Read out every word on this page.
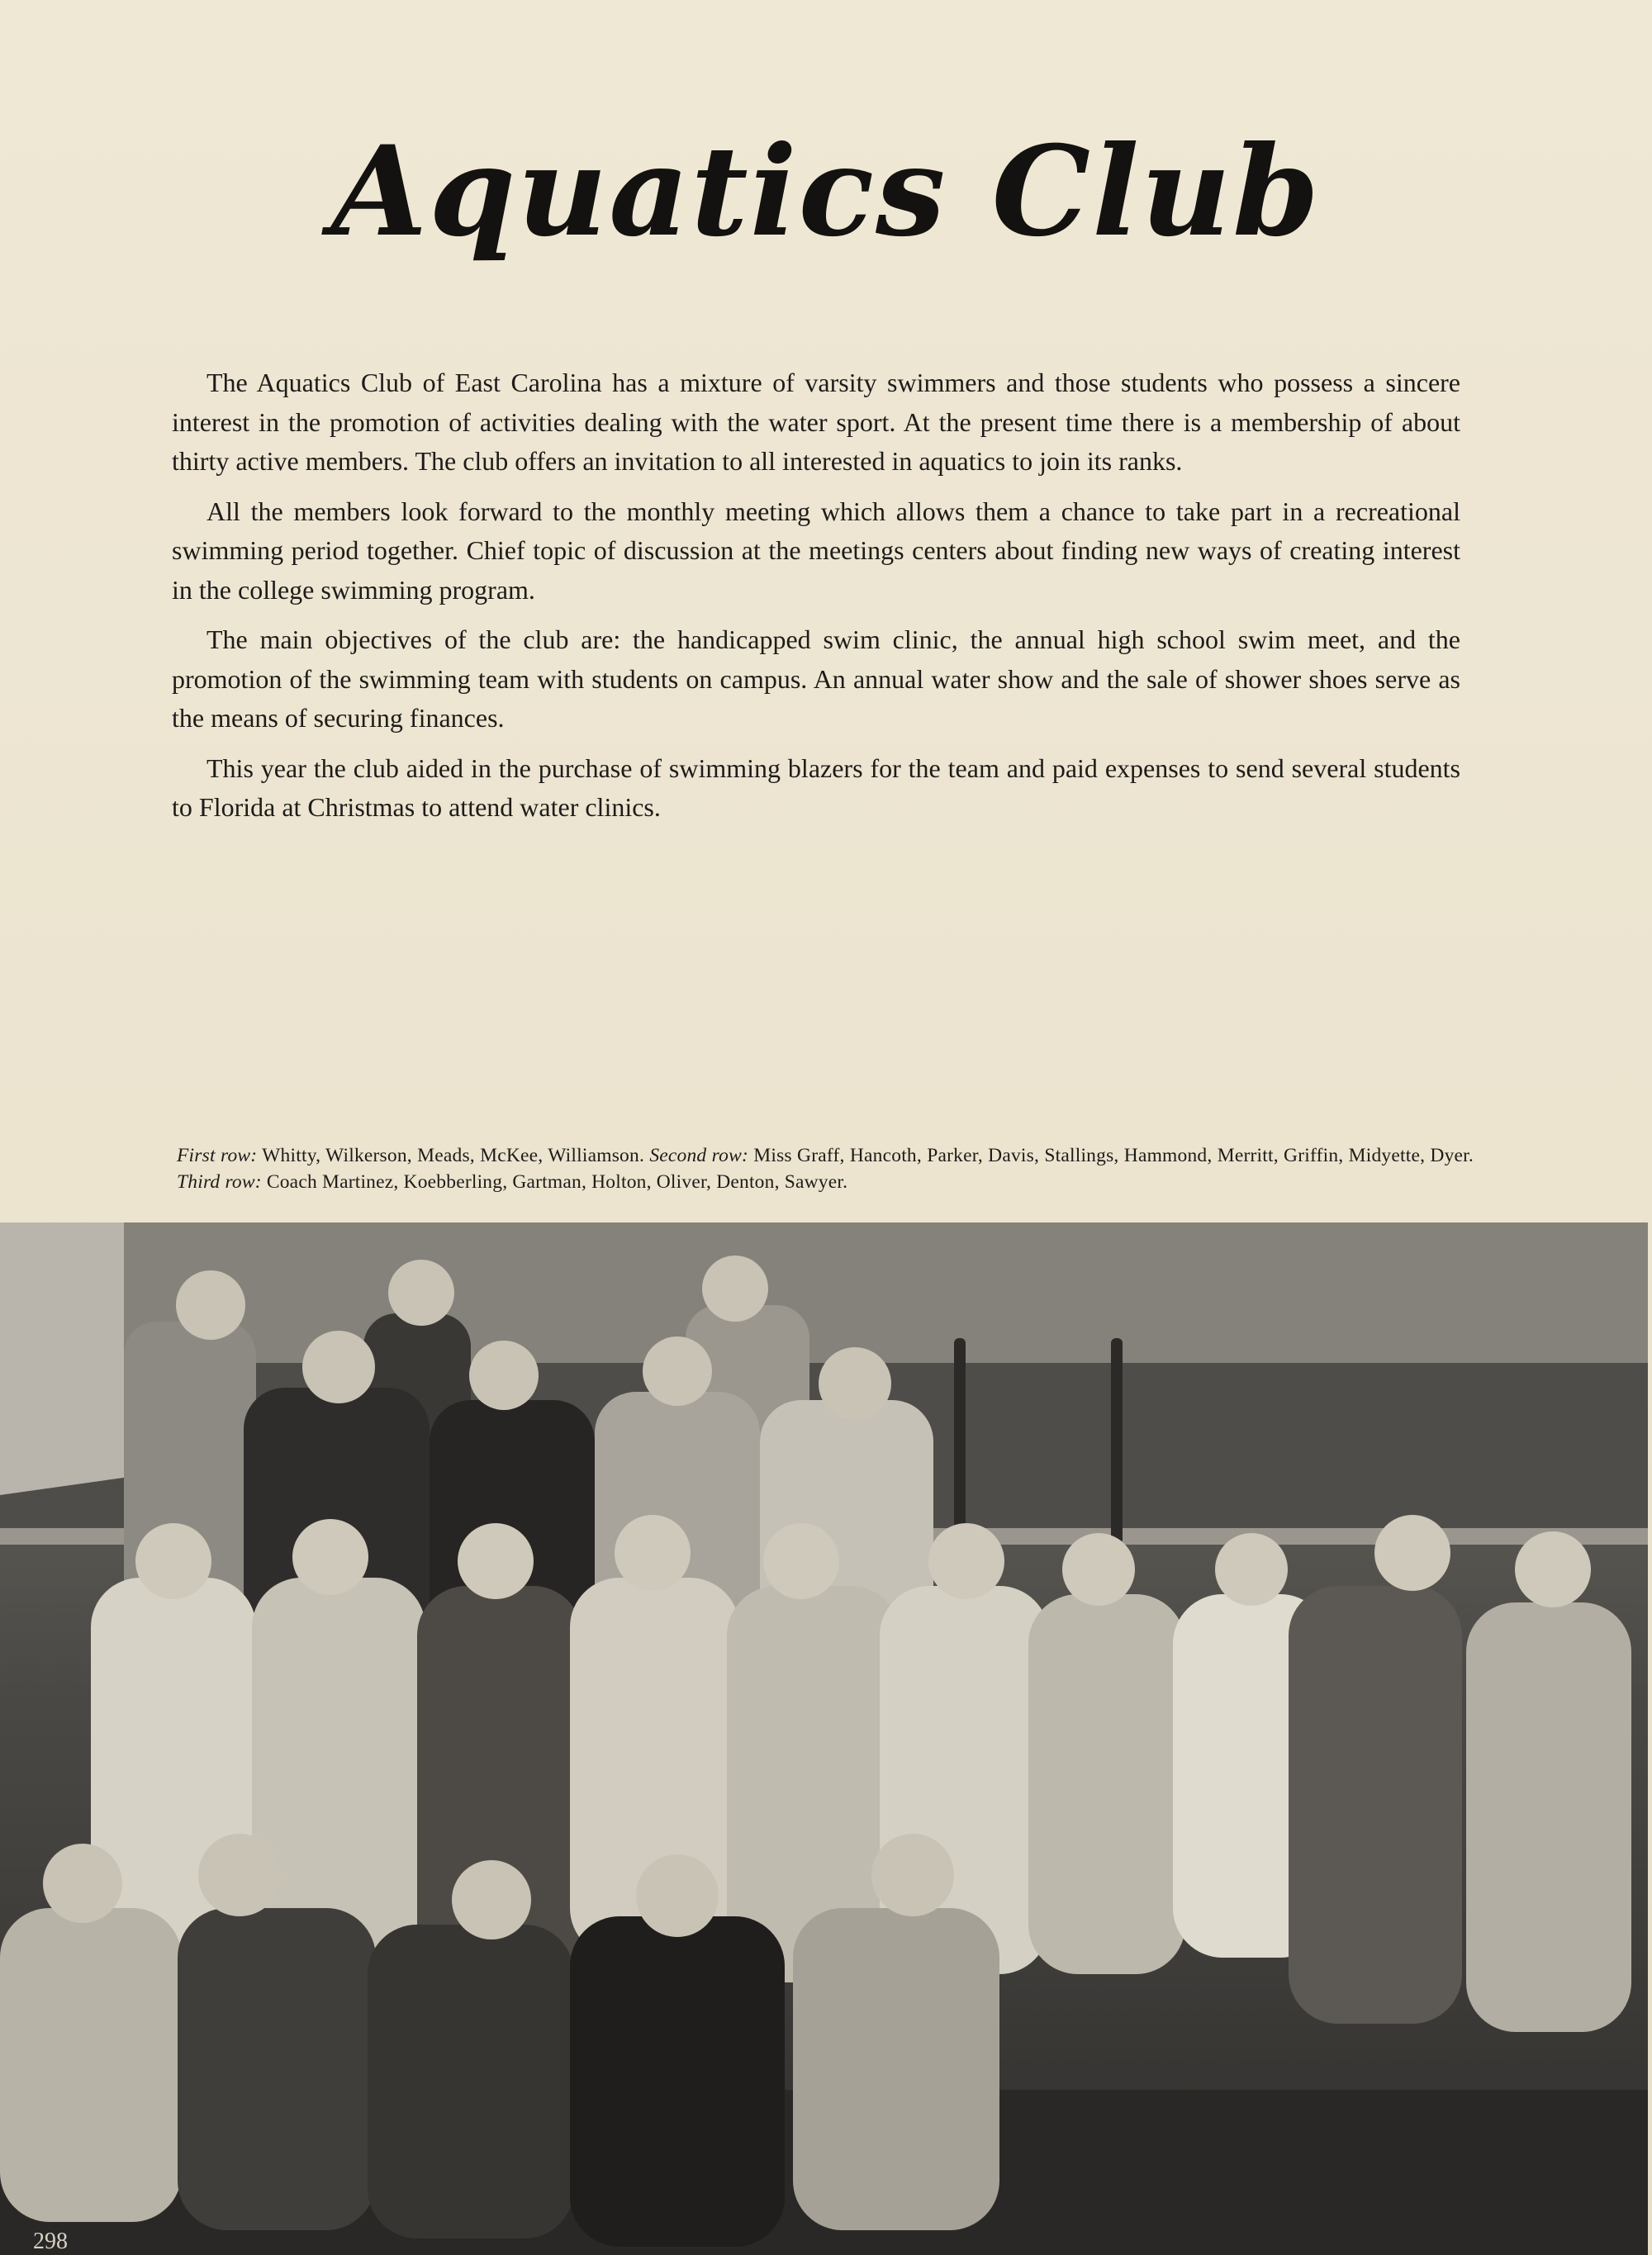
Aquatics Club

The Aquatics Club of East Carolina has a mixture of varsity swimmers and those students who possess a sincere interest in the promotion of activities dealing with the water sport. At the present time there is a membership of about thirty active members. The club offers an invitation to all interested in aquatics to join its ranks.

All the members look forward to the monthly meeting which allows them a chance to take part in a recreational swimming period together. Chief topic of discussion at the meetings centers about finding new ways of creating interest in the college swimming program.

The main objectives of the club are: the handicapped swim clinic, the annual high school swim meet, and the promotion of the swimming team with students on campus. An annual water show and the sale of shower shoes serve as the means of securing finances.

This year the club aided in the purchase of swimming blazers for the team and paid expenses to send several students to Florida at Christmas to attend water clinics.

First row: Whitty, Wilkerson, Meads, McKee, Williamson. Second row: Miss Graff, Hancoth, Parker, Davis, Stallings, Hammond, Merritt, Griffin, Midyette, Dyer. Third row: Coach Martinez, Koebberling, Gartman, Holton, Oliver, Denton, Sawyer.
298
